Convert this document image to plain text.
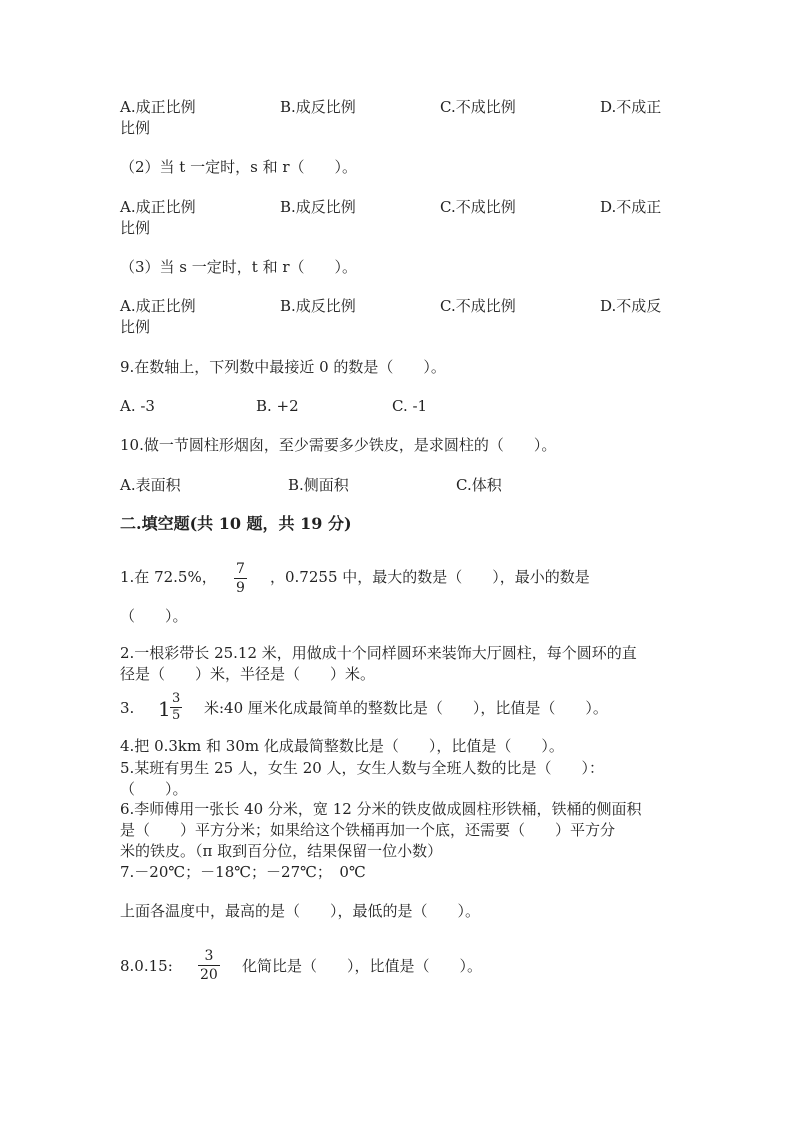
A.成正比例	B.成反比例	C.不成比例	D.不成正
比例
（2）当 t 一定时，s 和 r（　　）。
A.成正比例	B.成反比例	C.不成比例	D.不成正
比例
（3）当 s 一定时，t 和 r（　　）。
A.成正比例	B.成反比例	C.不成比例	D.不成反
比例
9.在数轴上，下列数中最接近 0 的数是（　　）。
A. -3	B. +2	C. -1
10.做一节圆柱形烟囱，至少需要多少铁皮，是求圆柱的（　　）。
A.表面积	B.侧面积	C.体积
二.填空题(共 10 题，共 19 分)
1.在 72.5%， 7
9
，0.7255 中，最大的数是（　　），最小的数是
（　　）。
2.一根彩带长 25.12 米，用做成十个同样圆环来装饰大厅圆柱，每个圆环的直
径是（　　）米，半径是（　　）米。
3. 1 3
5 米:40 厘米化成最简单的整数比是（　　），比值是（　　）。
4.把 0.3km 和 30m 化成最简整数比是（　　），比值是（　　）。
5.某班有男生 25 人，女生 20 人，女生人数与全班人数的比是（　　）：
（　　）。
6.李师傅用一张长 40 分米，宽 12 分米的铁皮做成圆柱形铁桶，铁桶的侧面积
是（　　）平方分米；如果给这个铁桶再加一个底，还需要（　　）平方分
米的铁皮。（π 取到百分位，结果保留一位小数）
7.－20℃；－18℃；－27℃；　0℃
上面各温度中，最高的是（　　），最低的是（　　）。
8.0.15:
3
20 化简比是（　　），比值是（　　）。
